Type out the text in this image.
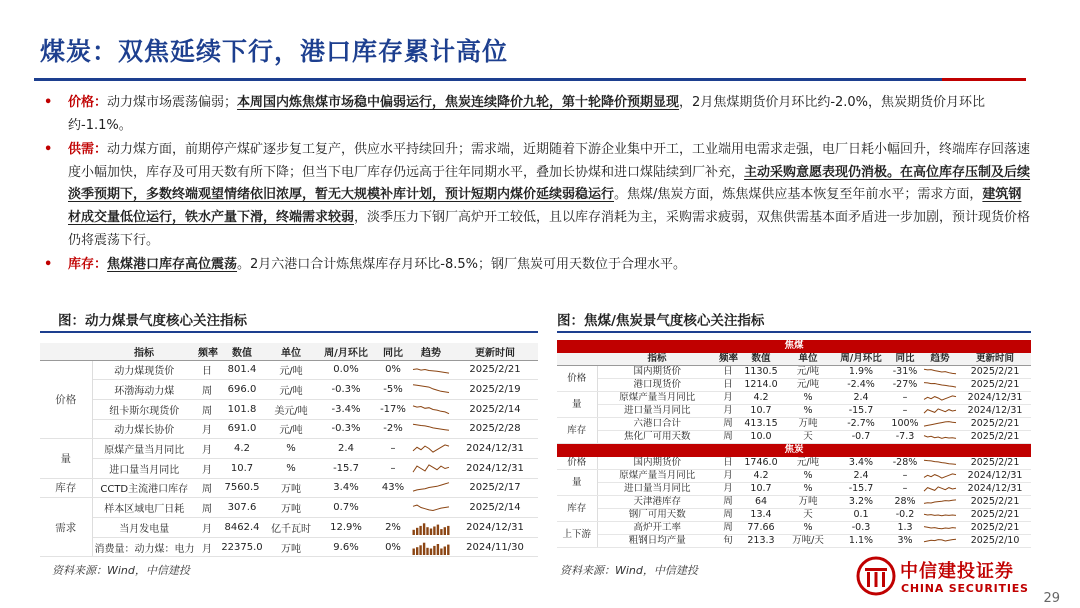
煤炭：双焦延续下行，港口库存累计高位
• 价格：动力煤市场震荡偏弱；本周国内炼焦煤市场稳中偏弱运行，焦炭连续降价九轮，第十轮降价预期显现，2月焦煤期货价月环比约-2.0%，焦炭期货价月环比约-1.1%。
• 供需：动力煤方面，前期停产煤矿逐步复工复产，供应水平持续回升；需求端，近期随着下游企业集中开工，工业端用电需求走强，电厂日耗小幅回升，终端库存回落速度小幅加快，库存及可用天数有所下降；但当下电厂库存仍远高于往年同期水平，叠加长协煤和进口煤陆续到厂补充，主动采购意愿表现仍消极。在高位库存压制及后续淡季预期下，多数终端观望情绪依旧浓厚，暂无大规模补库计划，预计短期内煤价延续弱稳运行。焦煤/焦炭方面，炼焦煤供应基本恢复至年前水平；需求方面，建筑钢材成交量低位运行，铁水产量下滑，终端需求较弱，淡季压力下钢厂高炉开工较低，且以库存消耗为主，采购需求疲弱，双焦供需基本面矛盾进一步加剧，预计现货价格仍将震荡下行。
• 库存：焦煤港口库存高位震荡。2月六港口合计炼焦煤库存月环比-8.5%；钢厂焦炭可用天数位于合理水平。
图：动力煤景气度核心关注指标	图：焦煤/焦炭景气度核心关注指标
	指标	频率	数值	单位	周/月环比	同比	趋势	更新时间
价格	动力煤现货价	日	801.4	元/吨	0.0%	0%		2025/2/21
	环渤海动力煤	周	696.0	元/吨	-0.3%	-5%		2025/2/19
	纽卡斯尔现货价	周	101.8	美元/吨	-3.4%	-17%		2025/2/14
	动力煤长协价	月	691.0	元/吨	-0.3%	-2%		2025/2/28
量	原煤产量当月同比	月	4.2	%	2.4	–		2024/12/31
	进口量当月同比	月	10.7	%	-15.7	–		2024/12/31
库存	CCTD主流港口库存	周	7560.5	万吨	3.4%	43%		2025/2/17
需求	样本区域电厂日耗	周	307.6	万吨	0.7%			2025/2/14
	当月发电量	月	8462.4	亿千瓦时	12.9%	2%		2024/12/31
	消费量：动力煤：电力	月	22375.0	万吨	9.6%	0%		2024/11/30
焦煤								
	指标	频率	数值	单位	周/月环比	同比	趋势	更新时间
价格	国内期货价	日	1130.5	元/吨	1.9%	-31%		2025/2/21
	港口现货价	日	1214.0	元/吨	-2.4%	-27%		2025/2/21
量	原煤产量当月同比	月	4.2	%	2.4	–		2024/12/31
	进口量当月同比	月	10.7	%	-15.7	–		2024/12/31
库存	六港口合计	周	413.15	万吨	-2.7%	100%		2025/2/21
	焦化厂可用天数	周	10.0	天	-0.7	-7.3		2025/2/21
焦炭								
价格	国内期货价	日	1746.0	元/吨	3.4%	-28%		2025/2/21
量	原煤产量当月同比	月	4.2	%	2.4	–		2024/12/31
	进口量当月同比	月	10.7	%	-15.7	–		2024/12/31
库存	天津港库存	周	64	万吨	3.2%	28%		2025/2/21
	钢厂可用天数	周	13.4	天	0.1	-0.2		2025/2/21
上下游	高炉开工率	周	77.66	%	-0.3	1.3		2025/2/21
	粗钢日均产量	旬	213.3	万吨/天	1.1%	3%		2025/2/10
资料来源：Wind，中信建投	资料来源：Wind，中信建投	中信建投证券
CHINA SECURITIES
29
